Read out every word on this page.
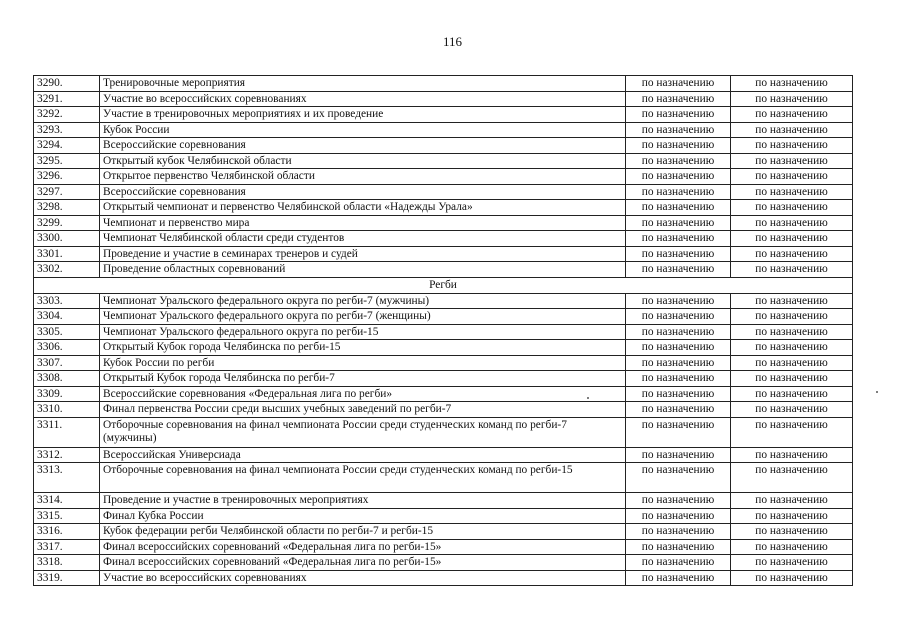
116
3290.	Тренировочные мероприятия	по назначению	по назначению
3291.	Участие во всероссийских соревнованиях	по назначению	по назначению
3292.	Участие в тренировочных мероприятиях и их проведение	по назначению	по назначению
3293.	Кубок России	по назначению	по назначению
3294.	Всероссийские соревнования	по назначению	по назначению
3295.	Открытый кубок Челябинской области	по назначению	по назначению
3296.	Открытое первенство Челябинской области	по назначению	по назначению
3297.	Всероссийские соревнования	по назначению	по назначению
3298.	Открытый чемпионат и первенство Челябинской области «Надежды Урала»	по назначению	по назначению
3299.	Чемпионат и первенство мира	по назначению	по назначению
3300.	Чемпионат Челябинской области среди студентов	по назначению	по назначению
3301.	Проведение и участие в семинарах тренеров и судей	по назначению	по назначению
3302.	Проведение областных соревнований	по назначению	по назначению
Регби			
3303.	Чемпионат Уральского федерального округа по регби-7 (мужчины)	по назначению	по назначению
3304.	Чемпионат Уральского федерального округа по регби-7 (женщины)	по назначению	по назначению
3305.	Чемпионат Уральского федерального округа по регби-15	по назначению	по назначению
3306.	Открытый Кубок города Челябинска по регби-15	по назначению	по назначению
3307.	Кубок России по регби	по назначению	по назначению
3308.	Открытый Кубок города Челябинска по регби-7	по назначению	по назначению
3309.	Всероссийские соревнования «Федеральная лига по регби»	по назначению	по назначению
3310.	Финал первенства России среди высших учебных заведений по регби-7	по назначению	по назначению
3311.	Отборочные соревнования на финал чемпионата России среди студенческих команд по регби-7 (мужчины)	по назначению	по назначению
3312.	Всероссийская Универсиада	по назначению	по назначению
3313.	Отборочные соревнования на финал чемпионата России среди студенческих команд по регби-15	по назначению	по назначению
3314.	Проведение и участие в тренировочных мероприятиях	по назначению	по назначению
3315.	Финал Кубка России	по назначению	по назначению
3316.	Кубок федерации регби Челябинской области по регби-7 и регби-15	по назначению	по назначению
3317.	Финал всероссийских соревнований «Федеральная лига по регби-15»	по назначению	по назначению
3318.	Финал всероссийских соревнований «Федеральная лига по регби-15»	по назначению	по назначению
3319.	Участие во всероссийских соревнованиях	по назначению	по назначению
